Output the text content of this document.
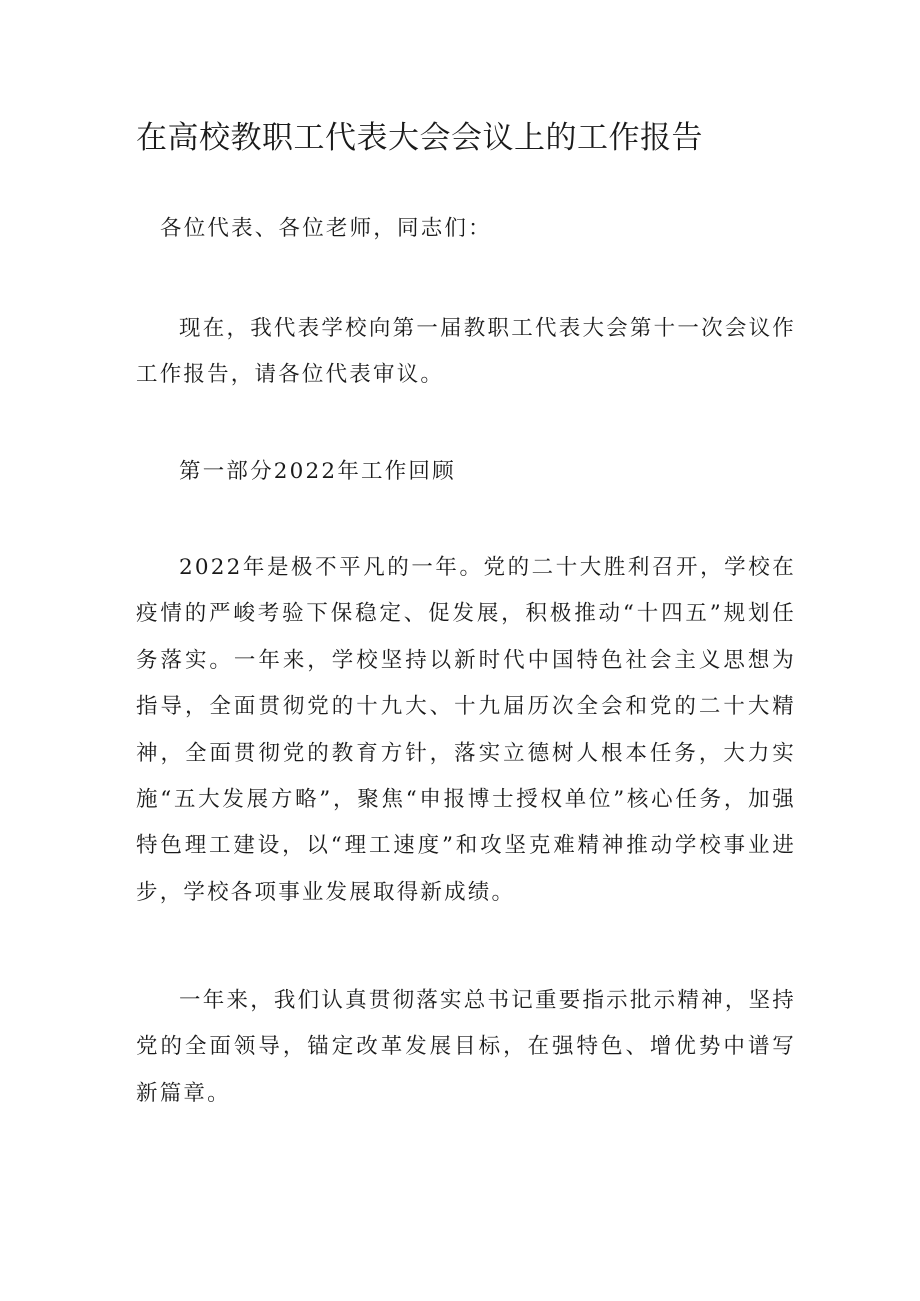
在高校教职工代表大会会议上的工作报告

各位代表、各位老师，同志们：

现在，我代表学校向第一届教职工代表大会第十一次会议作工作报告，请各位代表审议。

第一部分2022年工作回顾

2022年是极不平凡的一年。党的二十大胜利召开，学校在疫情的严峻考验下保稳定、促发展，积极推动“十四五”规划任务落实。一年来，学校坚持以新时代中国特色社会主义思想为指导，全面贯彻党的十九大、十九届历次全会和党的二十大精神，全面贯彻党的教育方针，落实立德树人根本任务，大力实施“五大发展方略”，聚焦“申报博士授权单位”核心任务，加强特色理工建设，以“理工速度”和攻坚克难精神推动学校事业进步，学校各项事业发展取得新成绩。

一年来，我们认真贯彻落实总书记重要指示批示精神，坚持党的全面领导，锚定改革发展目标，在强特色、增优势中谱写新篇章。
